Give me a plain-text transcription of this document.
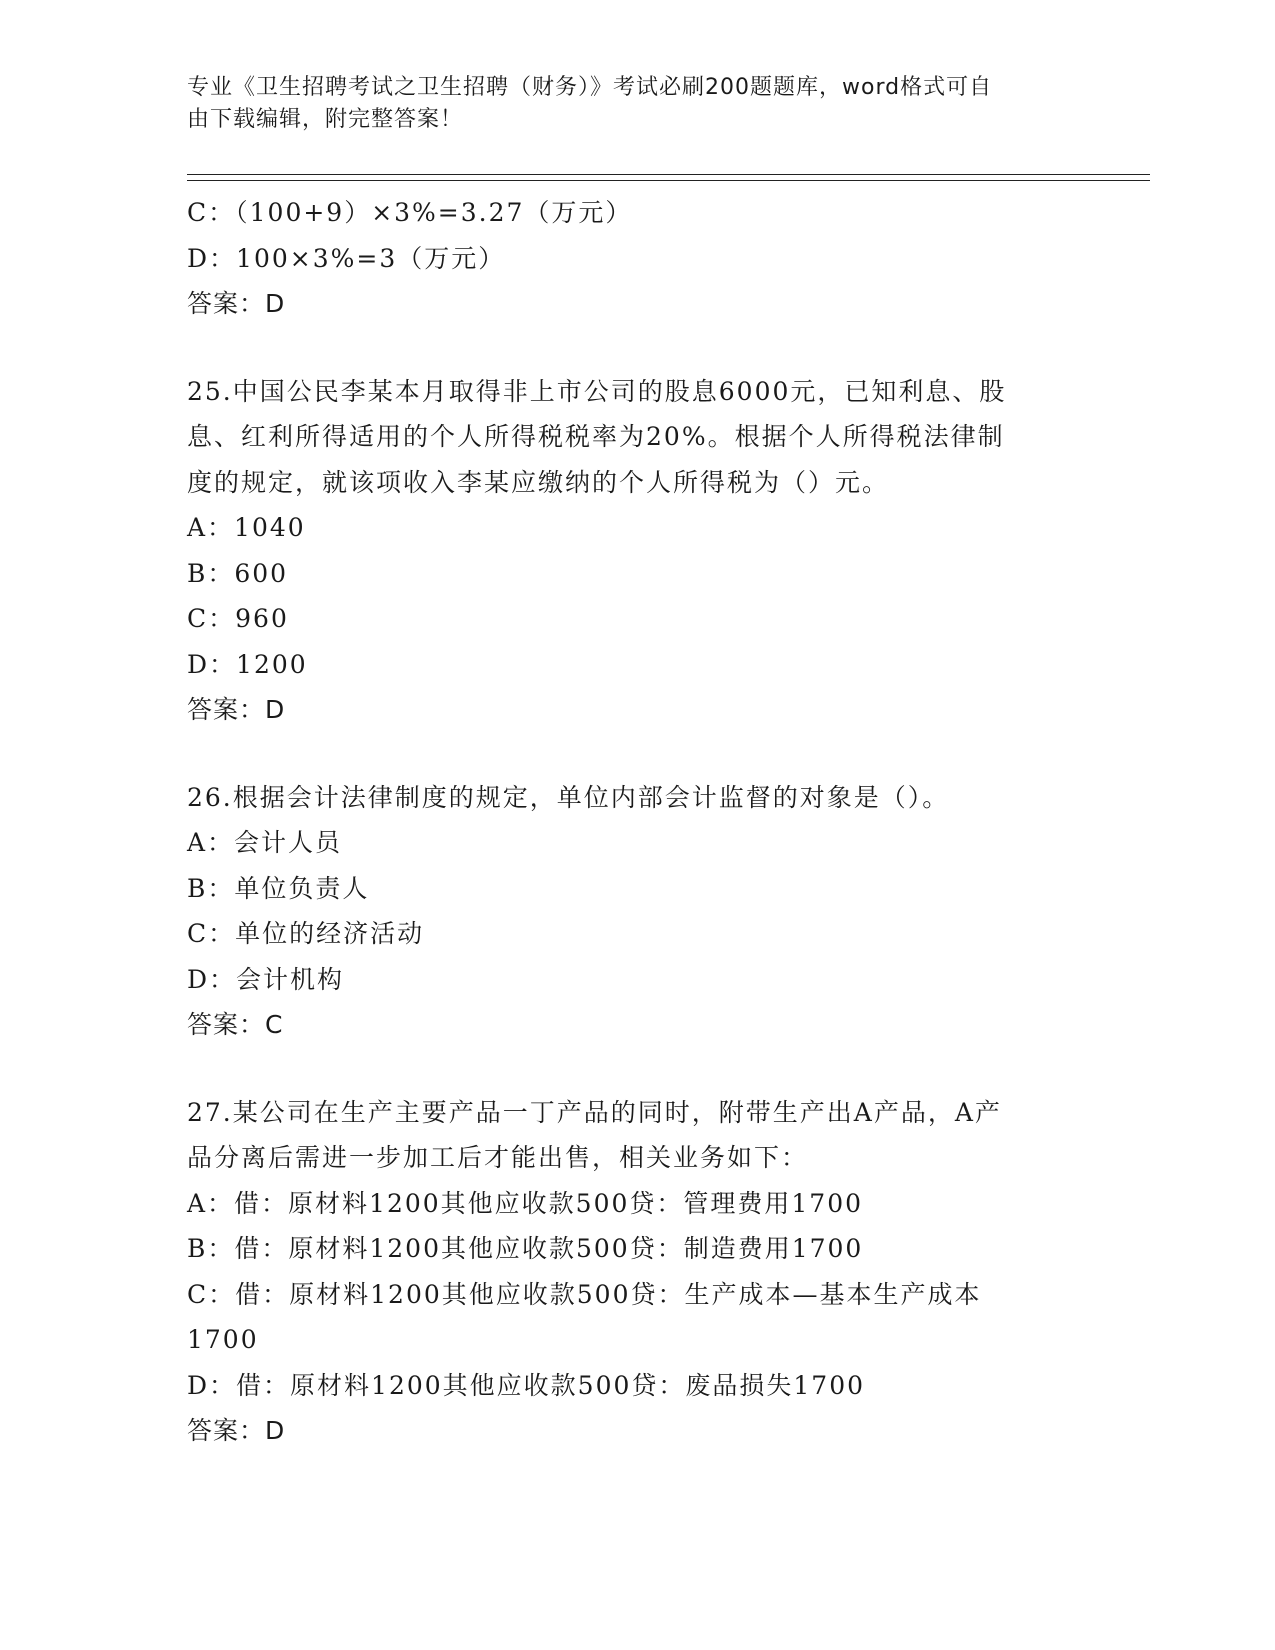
专业《卫生招聘考试之卫生招聘（财务）》考试必刷200题题库，word格式可自
由下载编辑，附完整答案！
C：（100+9）×3%=3.27（万元）
D：100×3%=3（万元）
答案：D
25.中国公民李某本月取得非上市公司的股息6000元，已知利息、股
息、红利所得适用的个人所得税税率为20%。根据个人所得税法律制
度的规定，就该项收入李某应缴纳的个人所得税为（）元。
A：1040
B：600
C：960
D：1200
答案：D
26.根据会计法律制度的规定，单位内部会计监督的对象是（）。
A：会计人员
B：单位负责人
C：单位的经济活动
D：会计机构
答案：C
27.某公司在生产主要产品一丁产品的同时，附带生产出A产品，A产
品分离后需进一步加工后才能出售，相关业务如下：
A：借：原材料1200其他应收款500贷：管理费用1700
B：借：原材料1200其他应收款500贷：制造费用1700
C：借：原材料1200其他应收款500贷：生产成本—基本生产成本
1700
D：借：原材料1200其他应收款500贷：废品损失1700
答案：D
